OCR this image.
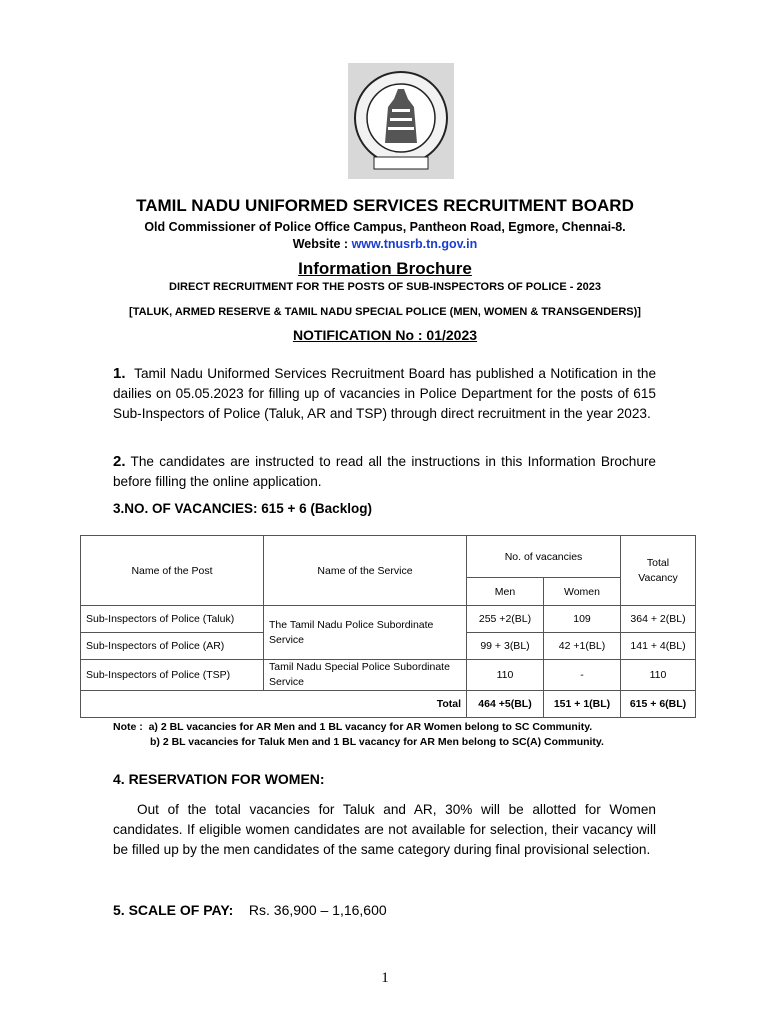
TAMIL NADU UNIFORMED SERVICES RECRUITMENT BOARD
Old Commissioner of Police Office Campus, Pantheon Road, Egmore, Chennai-8.
Website : www.tnusrb.tn.gov.in
Information Brochure
DIRECT RECRUITMENT FOR THE POSTS OF SUB-INSPECTORS OF POLICE - 2023
[TALUK, ARMED RESERVE & TAMIL NADU SPECIAL POLICE (MEN, WOMEN & TRANSGENDERS)]
NOTIFICATION No : 01/2023
1. Tamil Nadu Uniformed Services Recruitment Board has published a Notification in the dailies on 05.05.2023 for filling up of vacancies in Police Department for the posts of 615 Sub-Inspectors of Police (Taluk, AR and TSP) through direct recruitment in the year 2023.
2. The candidates are instructed to read all the instructions in this Information Brochure before filling the online application.
3.NO. OF VACANCIES: 615 + 6 (Backlog)
Name of the Post	Name of the Service	No. of vacancies		Total Vacancy
		Men	Women	
Sub-Inspectors of Police (Taluk)	The Tamil Nadu Police Subordinate Service	255 +2(BL)	109	364 + 2(BL)
Sub-Inspectors of Police (AR)		99 + 3(BL)	42 +1(BL)	141 + 4(BL)
Sub-Inspectors of Police (TSP)	Tamil Nadu Special Police Subordinate Service	110	-	110
Total		464 +5(BL)	151 + 1(BL)	615 + 6(BL)
Note : a) 2 BL vacancies for AR Men and 1 BL vacancy for AR Women belong to SC Community.
b) 2 BL vacancies for Taluk Men and 1 BL vacancy for AR Men belong to SC(A) Community.
4. RESERVATION FOR WOMEN:
Out of the total vacancies for Taluk and AR, 30% will be allotted for Women candidates. If eligible women candidates are not available for selection, their vacancy will be filled up by the men candidates of the same category during final provisional selection.
5. SCALE OF PAY: Rs. 36,900 – 1,16,600
1
